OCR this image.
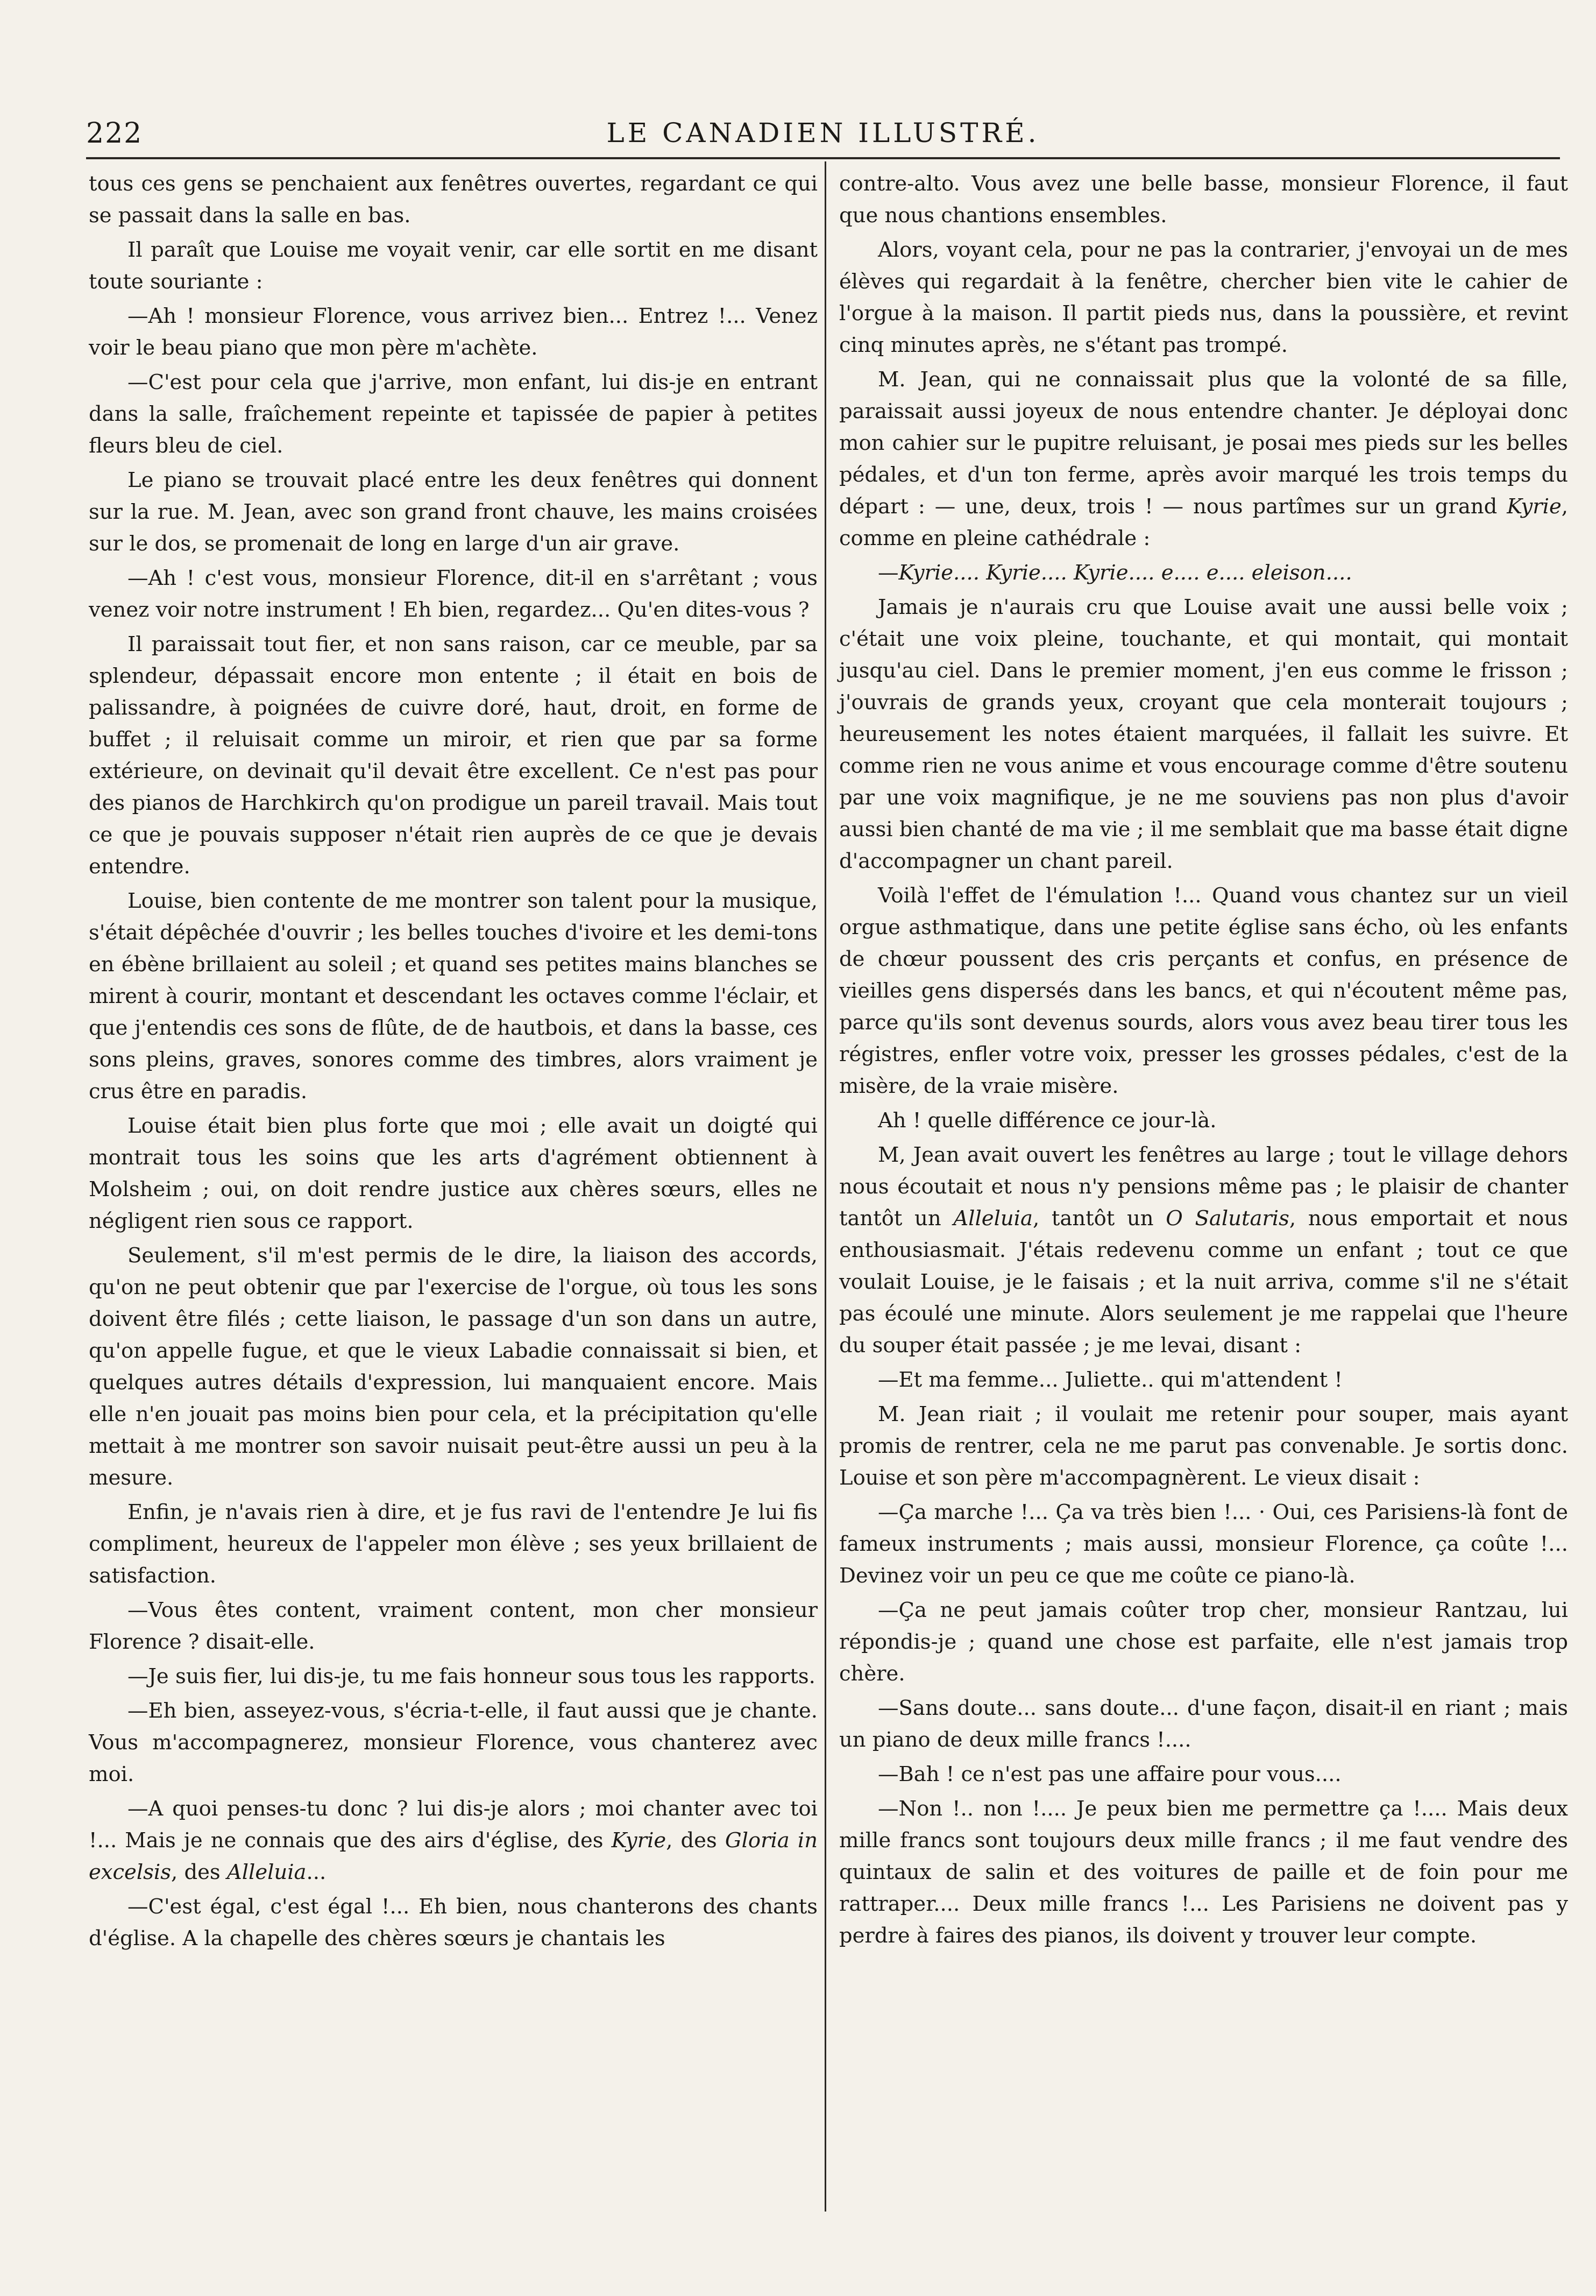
222	LE CANADIEN ILLUSTRÉ.

tous ces gens se penchaient aux fenêtres ouvertes, regardant ce qui se passait dans la salle en bas.

Il paraît que Louise me voyait venir, car elle sortit en me disant toute souriante :

—Ah ! monsieur Florence, vous arrivez bien... Entrez !... Venez voir le beau piano que mon père m'achète.

—C'est pour cela que j'arrive, mon enfant, lui dis-je en entrant dans la salle, fraîchement repeinte et tapissée de papier à petites fleurs bleu de ciel.

Le piano se trouvait placé entre les deux fenêtres qui donnent sur la rue. M. Jean, avec son grand front chauve, les mains croisées sur le dos, se promenait de long en large d'un air grave.

—Ah ! c'est vous, monsieur Florence, dit-il en s'arrêtant ; vous venez voir notre instrument ! Eh bien, regardez... Qu'en dites-vous ?

Il paraissait tout fier, et non sans raison, car ce meuble, par sa splendeur, dépassait encore mon entente ; il était en bois de palissandre, à poignées de cuivre doré, haut, droit, en forme de buffet ; il reluisait comme un miroir, et rien que par sa forme extérieure, on devinait qu'il devait être excellent. Ce n'est pas pour des pianos de Harchkirch qu'on prodigue un pareil travail. Mais tout ce que je pouvais supposer n'était rien auprès de ce que je devais entendre.

Louise, bien contente de me montrer son talent pour la musique, s'était dépêchée d'ouvrir ; les belles touches d'ivoire et les demi-tons en ébène brillaient au soleil ; et quand ses petites mains blanches se mirent à courir, montant et descendant les octaves comme l'éclair, et que j'entendis ces sons de flûte, de de hautbois, et dans la basse, ces sons pleins, graves, sonores comme des timbres, alors vraiment je crus être en paradis.

Louise était bien plus forte que moi ; elle avait un doigté qui montrait tous les soins que les arts d'agrément obtiennent à Molsheim ; oui, on doit rendre justice aux chères sœurs, elles ne négligent rien sous ce rapport.

Seulement, s'il m'est permis de le dire, la liaison des accords, qu'on ne peut obtenir que par l'exercise de l'orgue, où tous les sons doivent être filés ; cette liaison, le passage d'un son dans un autre, qu'on appelle fugue, et que le vieux Labadie connaissait si bien, et quelques autres détails d'expression, lui manquaient encore. Mais elle n'en jouait pas moins bien pour cela, et la précipitation qu'elle mettait à me montrer son savoir nuisait peut-être aussi un peu à la mesure.

Enfin, je n'avais rien à dire, et je fus ravi de l'entendre Je lui fis compliment, heureux de l'appeler mon élève ; ses yeux brillaient de satisfaction.

—Vous êtes content, vraiment content, mon cher monsieur Florence ? disait-elle.

—Je suis fier, lui dis-je, tu me fais honneur sous tous les rapports.

—Eh bien, asseyez-vous, s'écria-t-elle, il faut aussi que je chante. Vous m'accompagnerez, monsieur Florence, vous chanterez avec moi.

—A quoi penses-tu donc ? lui dis-je alors ; moi chanter avec toi !... Mais je ne connais que des airs d'église, des Kyrie, des Gloria in excelsis, des Alleluia...

—C'est égal, c'est égal !... Eh bien, nous chanterons des chants d'église. A la chapelle des chères sœurs je chantais les

contre-alto. Vous avez une belle basse, monsieur Florence, il faut que nous chantions ensembles.

Alors, voyant cela, pour ne pas la contrarier, j'envoyai un de mes élèves qui regardait à la fenêtre, chercher bien vite le cahier de l'orgue à la maison. Il partit pieds nus, dans la poussière, et revint cinq minutes après, ne s'étant pas trompé.

M. Jean, qui ne connaissait plus que la volonté de sa fille, paraissait aussi joyeux de nous entendre chanter. Je déployai donc mon cahier sur le pupitre reluisant, je posai mes pieds sur les belles pédales, et d'un ton ferme, après avoir marqué les trois temps du départ : — une, deux, trois ! — nous partîmes sur un grand Kyrie, comme en pleine cathédrale :

—Kyrie.... Kyrie.... Kyrie.... e.... e.... eleison....

Jamais je n'aurais cru que Louise avait une aussi belle voix ; c'était une voix pleine, touchante, et qui montait, qui montait jusqu'au ciel. Dans le premier moment, j'en eus comme le frisson ; j'ouvrais de grands yeux, croyant que cela monterait toujours ; heureusement les notes étaient marquées, il fallait les suivre. Et comme rien ne vous anime et vous encourage comme d'être soutenu par une voix magnifique, je ne me souviens pas non plus d'avoir aussi bien chanté de ma vie ; il me semblait que ma basse était digne d'accompagner un chant pareil.

Voilà l'effet de l'émulation !... Quand vous chantez sur un vieil orgue asthmatique, dans une petite église sans écho, où les enfants de chœur poussent des cris perçants et confus, en présence de vieilles gens dispersés dans les bancs, et qui n'écoutent même pas, parce qu'ils sont devenus sourds, alors vous avez beau tirer tous les régistres, enfler votre voix, presser les grosses pédales, c'est de la misère, de la vraie misère.

Ah ! quelle différence ce jour-là.

M, Jean avait ouvert les fenêtres au large ; tout le village dehors nous écoutait et nous n'y pensions même pas ; le plaisir de chanter tantôt un Alleluia, tantôt un O Salutaris, nous emportait et nous enthousiasmait. J'étais redevenu comme un enfant ; tout ce que voulait Louise, je le faisais ; et la nuit arriva, comme s'il ne s'était pas écoulé une minute. Alors seulement je me rappelai que l'heure du souper était passée ; je me levai, disant :

—Et ma femme... Juliette.. qui m'attendent !

M. Jean riait ; il voulait me retenir pour souper, mais ayant promis de rentrer, cela ne me parut pas convenable. Je sortis donc. Louise et son père m'accompagnèrent. Le vieux disait :

—Ça marche !... Ça va très bien !... · Oui, ces Parisiens-là font de fameux instruments ; mais aussi, monsieur Florence, ça coûte !... Devinez voir un peu ce que me coûte ce piano-là.

—Ça ne peut jamais coûter trop cher, monsieur Rantzau, lui répondis-je ; quand une chose est parfaite, elle n'est jamais trop chère.

—Sans doute... sans doute... d'une façon, disait-il en riant ; mais un piano de deux mille francs !....

—Bah ! ce n'est pas une affaire pour vous....

—Non !.. non !.... Je peux bien me permettre ça !.... Mais deux mille francs sont toujours deux mille francs ; il me faut vendre des quintaux de salin et des voitures de paille et de foin pour me rattraper.... Deux mille francs !... Les Parisiens ne doivent pas y perdre à faires des pianos, ils doivent y trouver leur compte.
